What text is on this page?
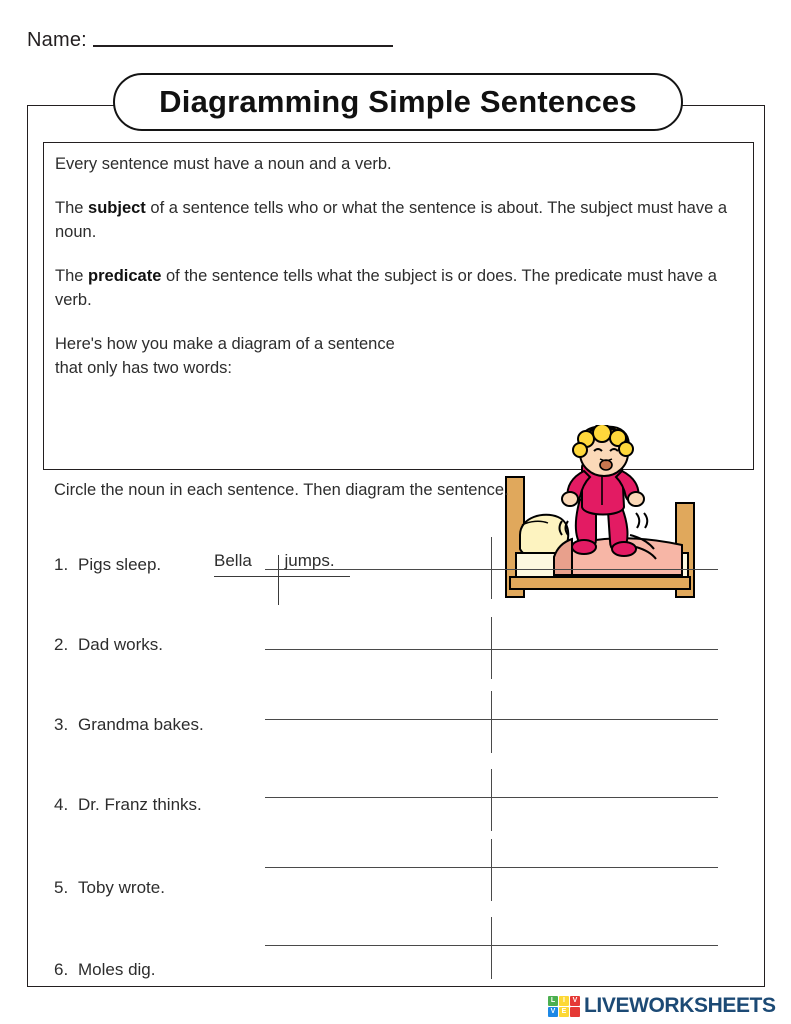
Name:
Diagramming Simple Sentences

Every sentence must have a noun and a verb.

The subject of a sentence tells who or what the sentence is about. The subject must have a noun.

The predicate of the sentence tells what the subject is or does. The predicate must have a verb.

Here's how you make a diagram of a sentence that only has two words:

Bella	jumps.
Circle the noun in each sentence. Then diagram the sentence.
1. Pigs sleep.
2. Dad works.
3. Grandma bakes.
4. Dr. Franz thinks.
5. Toby wrote.
6. Moles dig.
L	I	V
V E LIVEWORKSHEETS
